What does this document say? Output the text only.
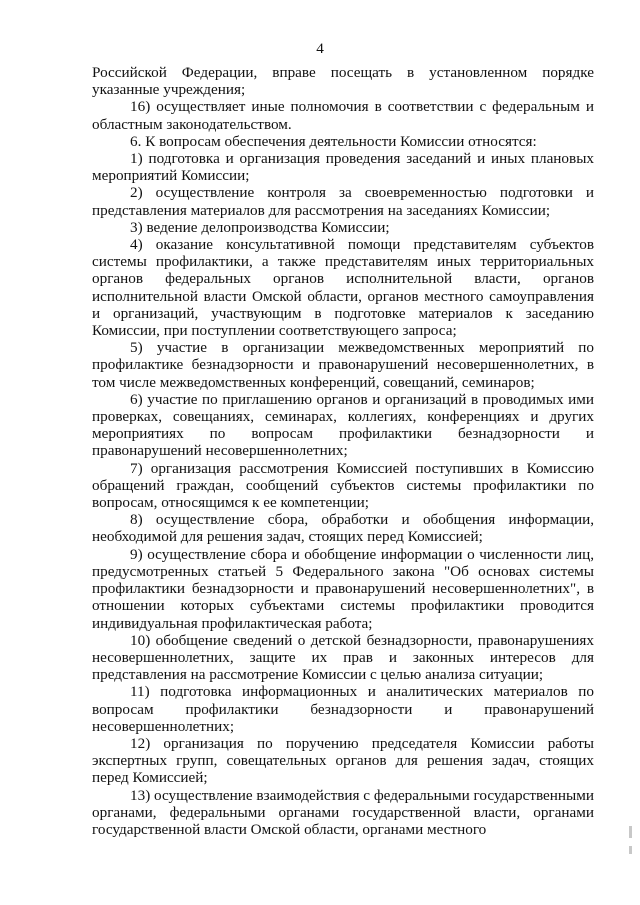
4

Российской Федерации, вправе посещать в установленном порядке указанные учреждения;

16) осуществляет иные полномочия в соответствии с федеральным и областным законодательством.

6. К вопросам обеспечения деятельности Комиссии относятся:

1) подготовка и организация проведения заседаний и иных плановых мероприятий Комиссии;

2) осуществление контроля за своевременностью подготовки и представления материалов для рассмотрения на заседаниях Комиссии;

3) ведение делопроизводства Комиссии;

4) оказание консультативной помощи представителям субъектов системы профилактики, а также представителям иных территориальных органов федеральных органов исполнительной власти, органов исполнительной власти Омской области, органов местного самоуправления и организаций, участвующим в подготовке материалов к заседанию Комиссии, при поступлении соответствующего запроса;

5) участие в организации межведомственных мероприятий по профилактике безнадзорности и правонарушений несовершеннолетних, в том числе межведомственных конференций, совещаний, семинаров;

6) участие по приглашению органов и организаций в проводимых ими проверках, совещаниях, семинарах, коллегиях, конференциях и других мероприятиях по вопросам профилактики безнадзорности и правонарушений несовершеннолетних;

7) организация рассмотрения Комиссией поступивших в Комиссию обращений граждан, сообщений субъектов системы профилактики по вопросам, относящимся к ее компетенции;

8) осуществление сбора, обработки и обобщения информации, необходимой для решения задач, стоящих перед Комиссией;

9) осуществление сбора и обобщение информации о численности лиц, предусмотренных статьей 5 Федерального закона "Об основах системы профилактики безнадзорности и правонарушений несовершеннолетних", в отношении которых субъектами системы профилактики проводится индивидуальная профилактическая работа;

10) обобщение сведений о детской безнадзорности, правонарушениях несовершеннолетних, защите их прав и законных интересов для представления на рассмотрение Комиссии с целью анализа ситуации;

11) подготовка информационных и аналитических материалов по вопросам профилактики безнадзорности и правонарушений несовершеннолетних;

12) организация по поручению председателя Комиссии работы экспертных групп, совещательных органов для решения задач, стоящих перед Комиссией;

13) осуществление взаимодействия с федеральными государственными органами, федеральными органами государственной власти, органами государственной власти Омской области, органами местного
